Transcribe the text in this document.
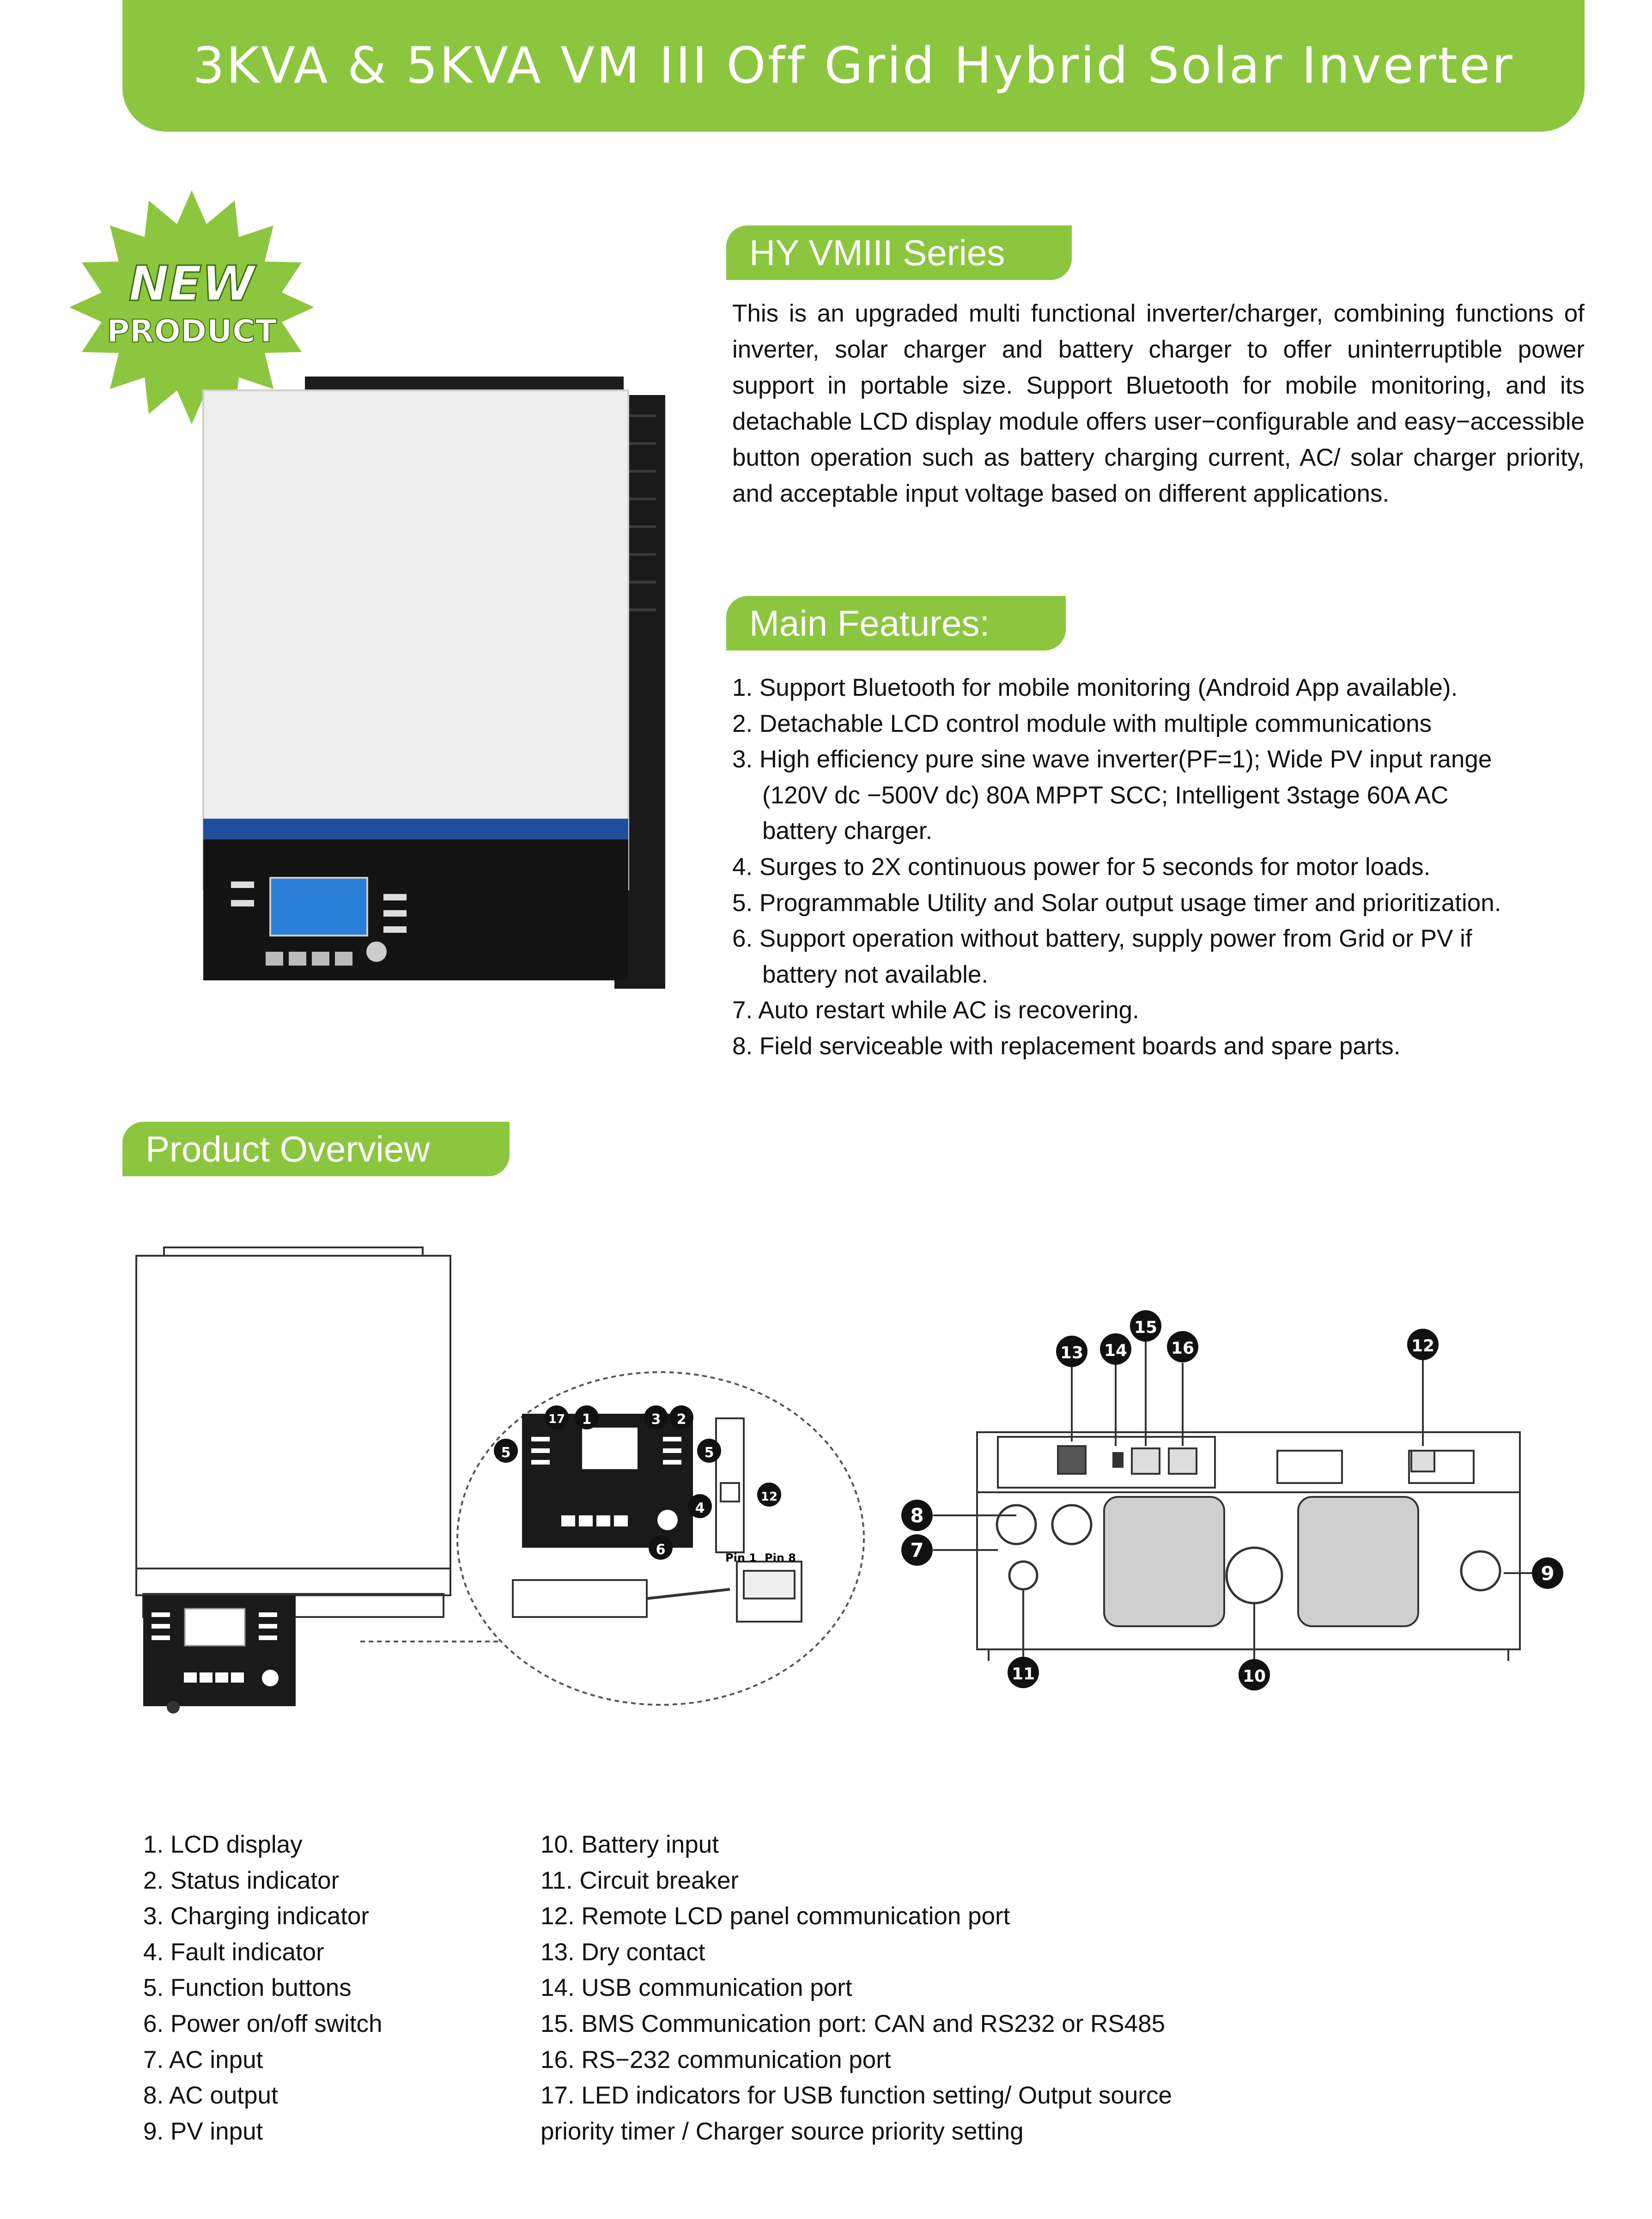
3KVA & 5KVA VM III Off Grid Hybrid Solar Inverter
NEW
PRODUCT
HY VMIII Series

This is an upgraded multi functional inverter/charger, combining functions of inverter, solar charger and battery charger to offer uninterruptible power support in portable size. Support Bluetooth for mobile monitoring, and its detachable LCD display module offers user−configurable and easy−accessible button operation such as battery charging current, AC/ solar charger priority, and acceptable input voltage based on different applications.

Main Features:
1. Support Bluetooth for mobile monitoring (Android App available).
2. Detachable LCD control module with multiple communications
3. High efficiency pure sine wave inverter(PF=1); Wide PV input range
(120V dc −500V dc) 80A MPPT SCC; Intelligent 3stage 60A AC
battery charger.
4. Surges to 2X continuous power for 5 seconds for motor loads.
5. Programmable Utility and Solar output usage timer and prioritization.
6. Support operation without battery, supply power from Grid or PV if
battery not available.
7. Auto restart while AC is recovering.
8. Field serviceable with replacement boards and spare parts.
Product Overview
Pin 1 Pin 8
1	2
3
4
5	5
6	7
8
9
10
11
12
12
13 14
15
16
17
1. LCD display
2. Status indicator
3. Charging indicator
4. Fault indicator
5. Function buttons
6. Power on/off switch
7. AC input
8. AC output
9. PV input
10. Battery input
11. Circuit breaker
12. Remote LCD panel communication port
13. Dry contact
14. USB communication port
15. BMS Communication port: CAN and RS232 or RS485
16. RS−232 communication port
17. LED indicators for USB function setting/ Output source
priority timer / Charger source priority setting
